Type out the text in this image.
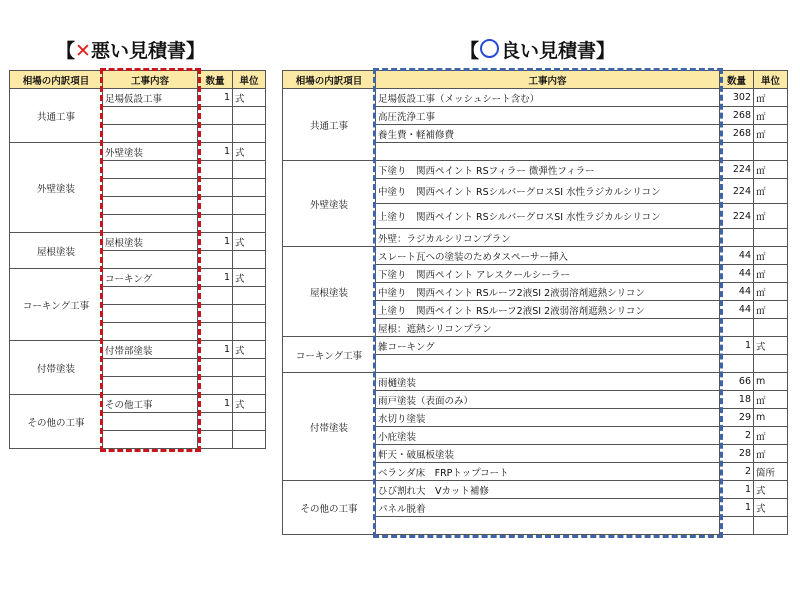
【✕悪い見積書】
相場の内訳項目	工事内容	数量	単位
共通工事	足場仮設工事	1	式

外壁塗装	外壁塗装	1	式

屋根塗装	屋根塗装	1	式

コーキング工事	コーキング	1	式

付帯塗装	付帯部塗装	1	式

その他の工事	その他工事	1	式

【 良い見積書】
相場の内訳項目	工事内容	数量	単位
共通工事	足場仮設工事（メッシュシート含む）	302	㎡
	高圧洗浄工事	268	㎡
	養生費・軽補修費	268	㎡

外壁塗装	下塗り　関西ペイント RSフィラー 微弾性フィラー	224	㎡
	中塗り　関西ペイント RSシルバーグロスSI 水性ラジカルシリコン	224	㎡
	上塗り　関西ペイント RSシルバーグロスSI 水性ラジカルシリコン	224	㎡
	外壁：ラジカルシリコンプラン		
屋根塗装	スレート瓦への塗装のためタスペーサー挿入	44	㎡
	下塗り　関西ペイント アレスクールシーラー	44	㎡
	中塗り　関西ペイント RSルーフ2液SI 2液弱溶剤遮熱シリコン	44	㎡
	上塗り　関西ペイント RSルーフ2液SI 2液弱溶剤遮熱シリコン	44	㎡
	屋根：遮熱シリコンプラン		
コーキング工事	雑コーキング	1	式

付帯塗装	雨樋塗装	66	m
	雨戸塗装（表面のみ）	18	㎡
	水切り塗装	29	m
	小庇塗装	2	㎡
	軒天・破風板塗装	28	㎡
	ベランダ床　FRPトップコート	2	箇所
その他の工事	ひび割れ大　Vカット補修	1	式
	パネル脱着	1	式
